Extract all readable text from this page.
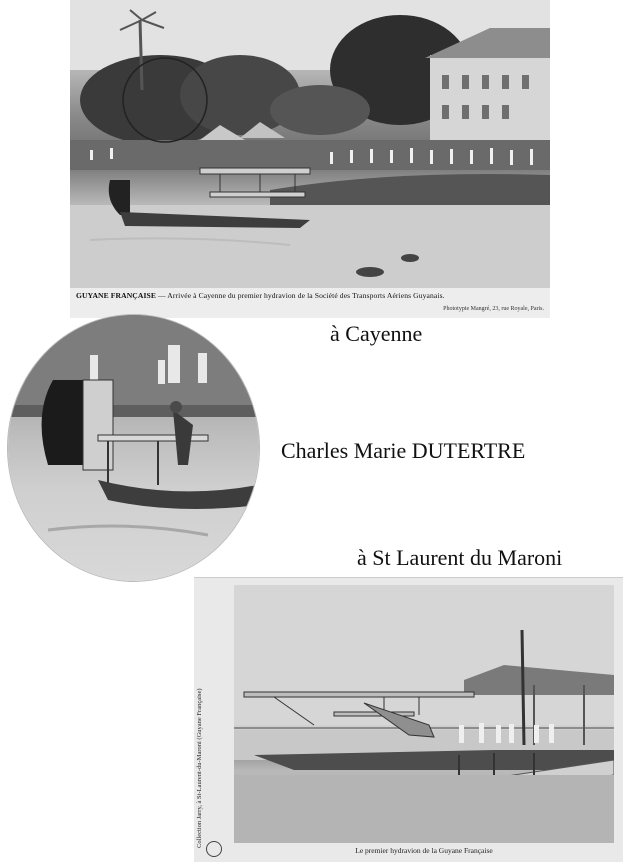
GUYANE FRANÇAISE — Arrivée à Cayenne du premier hydravion de la Société des Transports Aériens Guyanais.
Phototypie Mangré, 23, rue Royale, Paris.
à Cayenne
Charles Marie DUTERTRE
à St Laurent du Maroni
Collection Jarry, à St-Laurent-du-Maroni (Guyane Française)
Le premier hydravion de la Guyane Française
